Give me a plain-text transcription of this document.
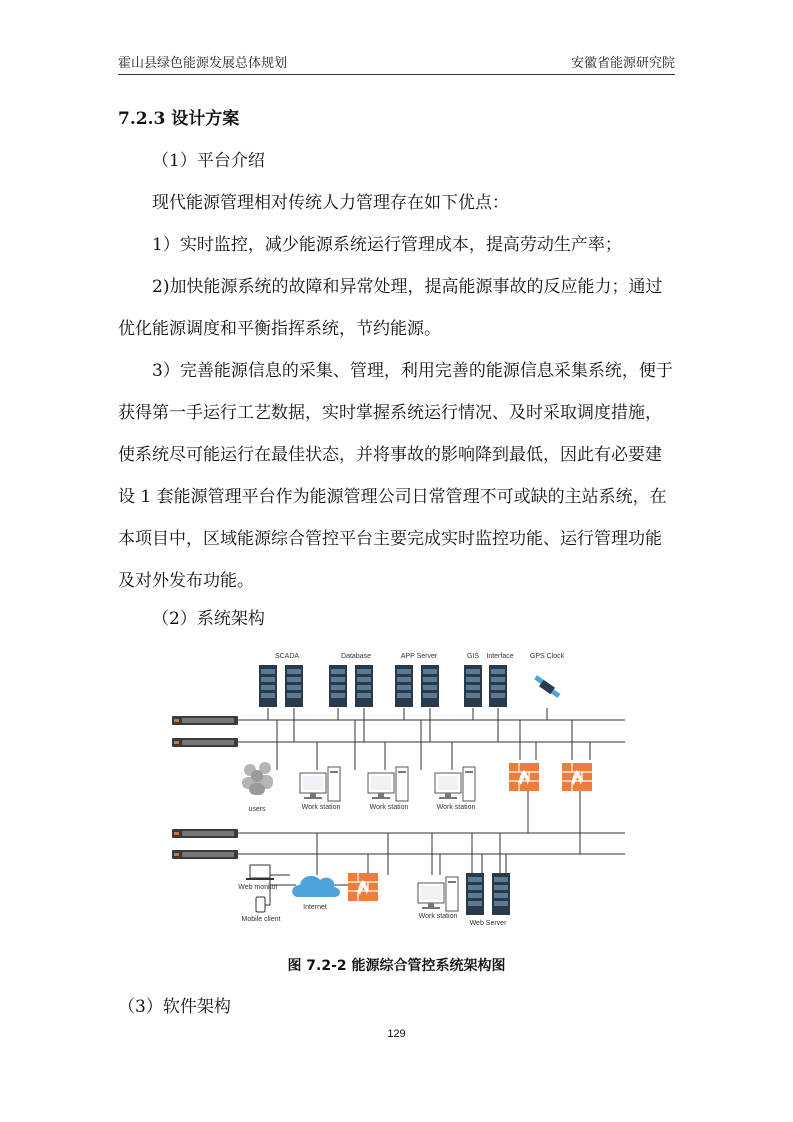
霍山县绿色能源发展总体规划	安徽省能源研究院
7.2.3 设计方案
（1）平台介绍
现代能源管理相对传统人力管理存在如下优点：
1）实时监控，减少能源系统运行管理成本，提高劳动生产率；
2)加快能源系统的故障和异常处理，提高能源事故的反应能力；通过优化能源调度和平衡指挥系统，节约能源。
3）完善能源信息的采集、管理，利用完善的能源信息采集系统，便于获得第一手运行工艺数据，实时掌握系统运行情况、及时采取调度措施，使系统尽可能运行在最佳状态，并将事故的影响降到最低，因此有必要建设 1 套能源管理平台作为能源管理公司日常管理不可或缺的主站系统，在本项目中，区域能源综合管控平台主要完成实时监控功能、运行管理功能及对外发布功能。
（2）系统架构
SCADA	Database	APP Server	GIS Interface GPS Clock
users	Work station	Work station	Work station
Web monitor
Mobile client
Internet
Work station
Web Server
图 7.2-2 能源综合管控系统架构图
（3）软件架构
129
